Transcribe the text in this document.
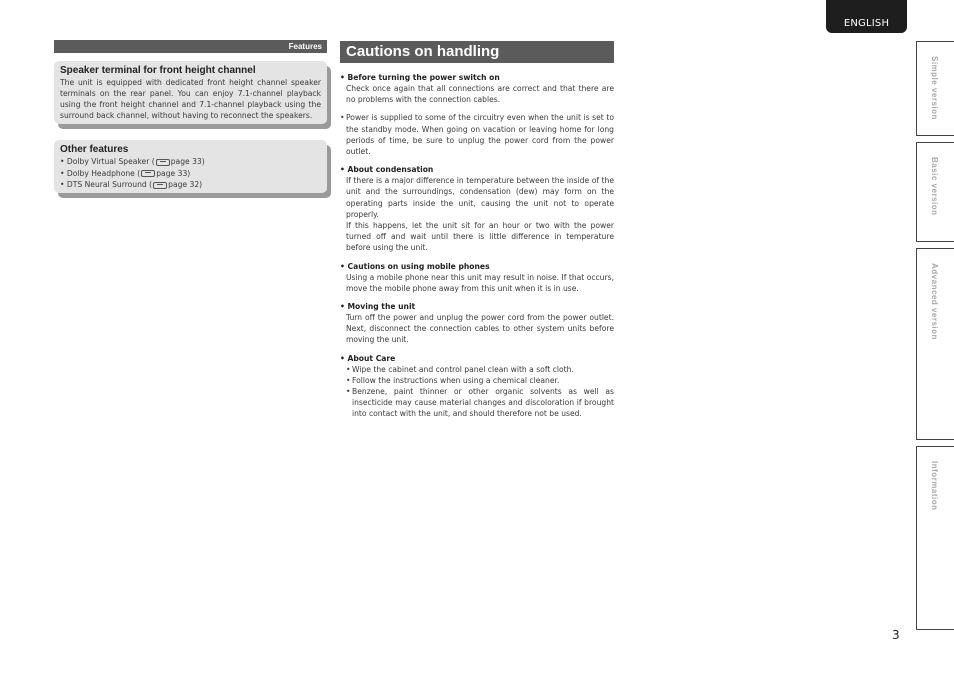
ENGLISH
Simple version
Basic version
Advanced version
Information
Features
Speaker terminal for front height channel
The unit is equipped with dedicated front height channel speaker terminals on the rear panel. You can enjoy 7.1-channel playback using the front height channel and 7.1-channel playback using the surround back channel, without having to reconnect the speakers.
Other features
• Dolby Virtual Speaker ( page 33)
• Dolby Headphone ( page 33)
• DTS Neural Surround ( page 32)
Cautions on handling
• Before turning the power switch on
Check once again that all connections are correct and that there are no problems with the connection cables.
• Power is supplied to some of the circuitry even when the unit is set to the standby mode. When going on vacation or leaving home for long periods of time, be sure to unplug the power cord from the power outlet.
• About condensation
If there is a major difference in temperature between the inside of the unit and the surroundings, condensation (dew) may form on the operating parts inside the unit, causing the unit not to operate properly.
If this happens, let the unit sit for an hour or two with the power turned off and wait until there is little difference in temperature before using the unit.
• Cautions on using mobile phones
Using a mobile phone near this unit may result in noise. If that occurs, move the mobile phone away from this unit when it is in use.
• Moving the unit
Turn off the power and unplug the power cord from the power outlet. Next, disconnect the connection cables to other system units before moving the unit.
• About Care
• Wipe the cabinet and control panel clean with a soft cloth.
• Follow the instructions when using a chemical cleaner.
• Benzene, paint thinner or other organic solvents as well as insecticide may cause material changes and discoloration if brought into contact with the unit, and should therefore not be used.
3
